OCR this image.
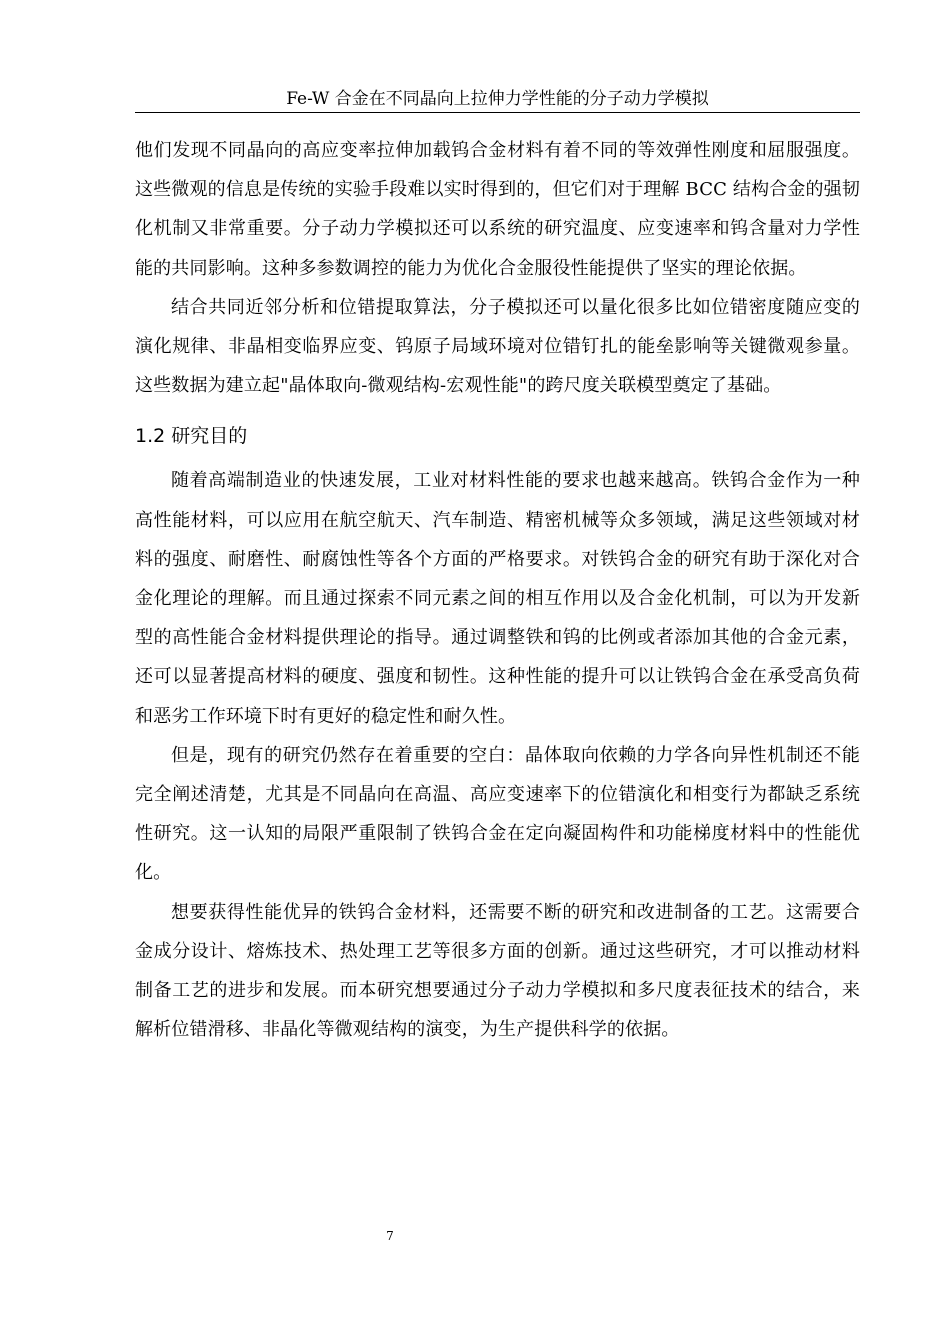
Fe-W 合金在不同晶向上拉伸力学性能的分子动力学模拟

他们发现不同晶向的高应变率拉伸加载钨合金材料有着不同的等效弹性刚度和屈服强度。这些微观的信息是传统的实验手段难以实时得到的，但它们对于理解 BCC 结构合金的强韧化机制又非常重要。分子动力学模拟还可以系统的研究温度、应变速率和钨含量对力学性能的共同影响。这种多参数调控的能力为优化合金服役性能提供了坚实的理论依据。

结合共同近邻分析和位错提取算法，分子模拟还可以量化很多比如位错密度随应变的演化规律、非晶相变临界应变、钨原子局域环境对位错钉扎的能垒影响等关键微观参量。这些数据为建立起"晶体取向-微观结构-宏观性能"的跨尺度关联模型奠定了基础。

1.2 研究目的

随着高端制造业的快速发展，工业对材料性能的要求也越来越高。铁钨合金作为一种高性能材料，可以应用在航空航天、汽车制造、精密机械等众多领域，满足这些领域对材料的强度、耐磨性、耐腐蚀性等各个方面的严格要求。对铁钨合金的研究有助于深化对合金化理论的理解。而且通过探索不同元素之间的相互作用以及合金化机制，可以为开发新型的高性能合金材料提供理论的指导。通过调整铁和钨的比例或者添加其他的合金元素，还可以显著提高材料的硬度、强度和韧性。这种性能的提升可以让铁钨合金在承受高负荷和恶劣工作环境下时有更好的稳定性和耐久性。

但是，现有的研究仍然存在着重要的空白：晶体取向依赖的力学各向异性机制还不能完全阐述清楚，尤其是不同晶向在高温、高应变速率下的位错演化和相变行为都缺乏系统性研究。这一认知的局限严重限制了铁钨合金在定向凝固构件和功能梯度材料中的性能优化。

想要获得性能优异的铁钨合金材料，还需要不断的研究和改进制备的工艺。这需要合金成分设计、熔炼技术、热处理工艺等很多方面的创新。通过这些研究，才可以推动材料制备工艺的进步和发展。而本研究想要通过分子动力学模拟和多尺度表征技术的结合，来解析位错滑移、非晶化等微观结构的演变，为生产提供科学的依据。

7
